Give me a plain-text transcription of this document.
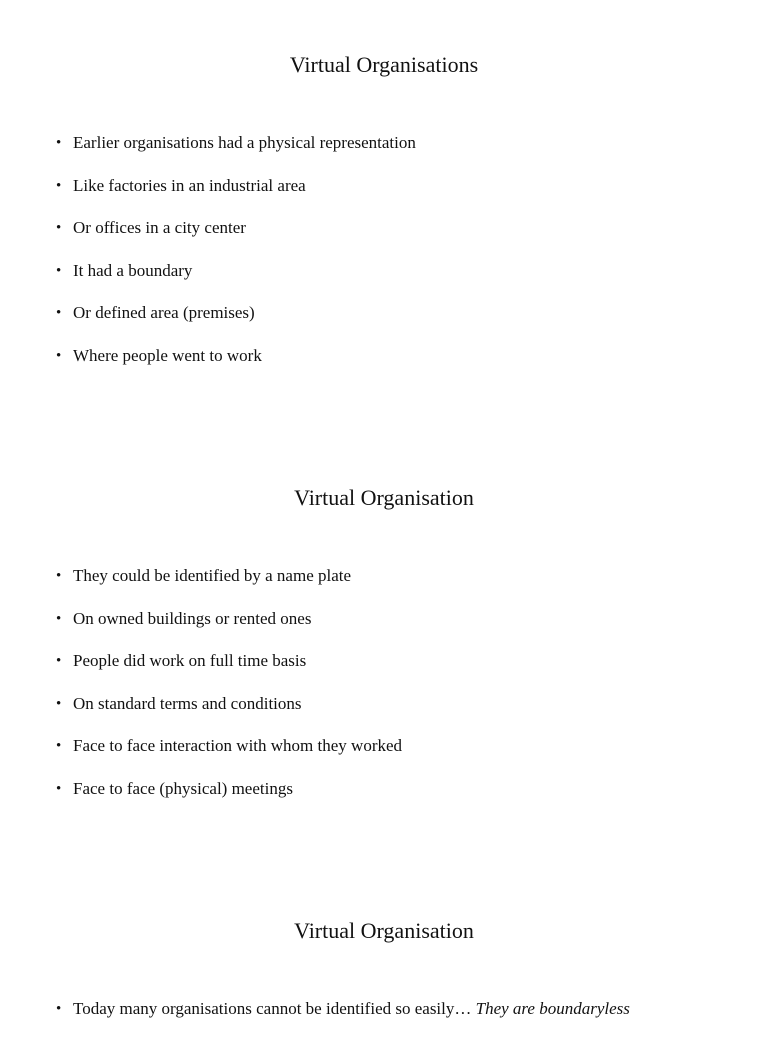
Virtual Organisations
• Earlier organisations had a physical representation
• Like factories in an industrial area
• Or offices in a city center
• It had a boundary
• Or defined area (premises)
• Where people went to work
Virtual Organisation
• They could be identified by a name plate
• On owned buildings or rented ones
• People did work on full time basis
• On standard terms and conditions
• Face to face interaction with whom they worked
• Face to face (physical) meetings
Virtual Organisation
• Today many organisations cannot be identified so easily… They are boundaryless
